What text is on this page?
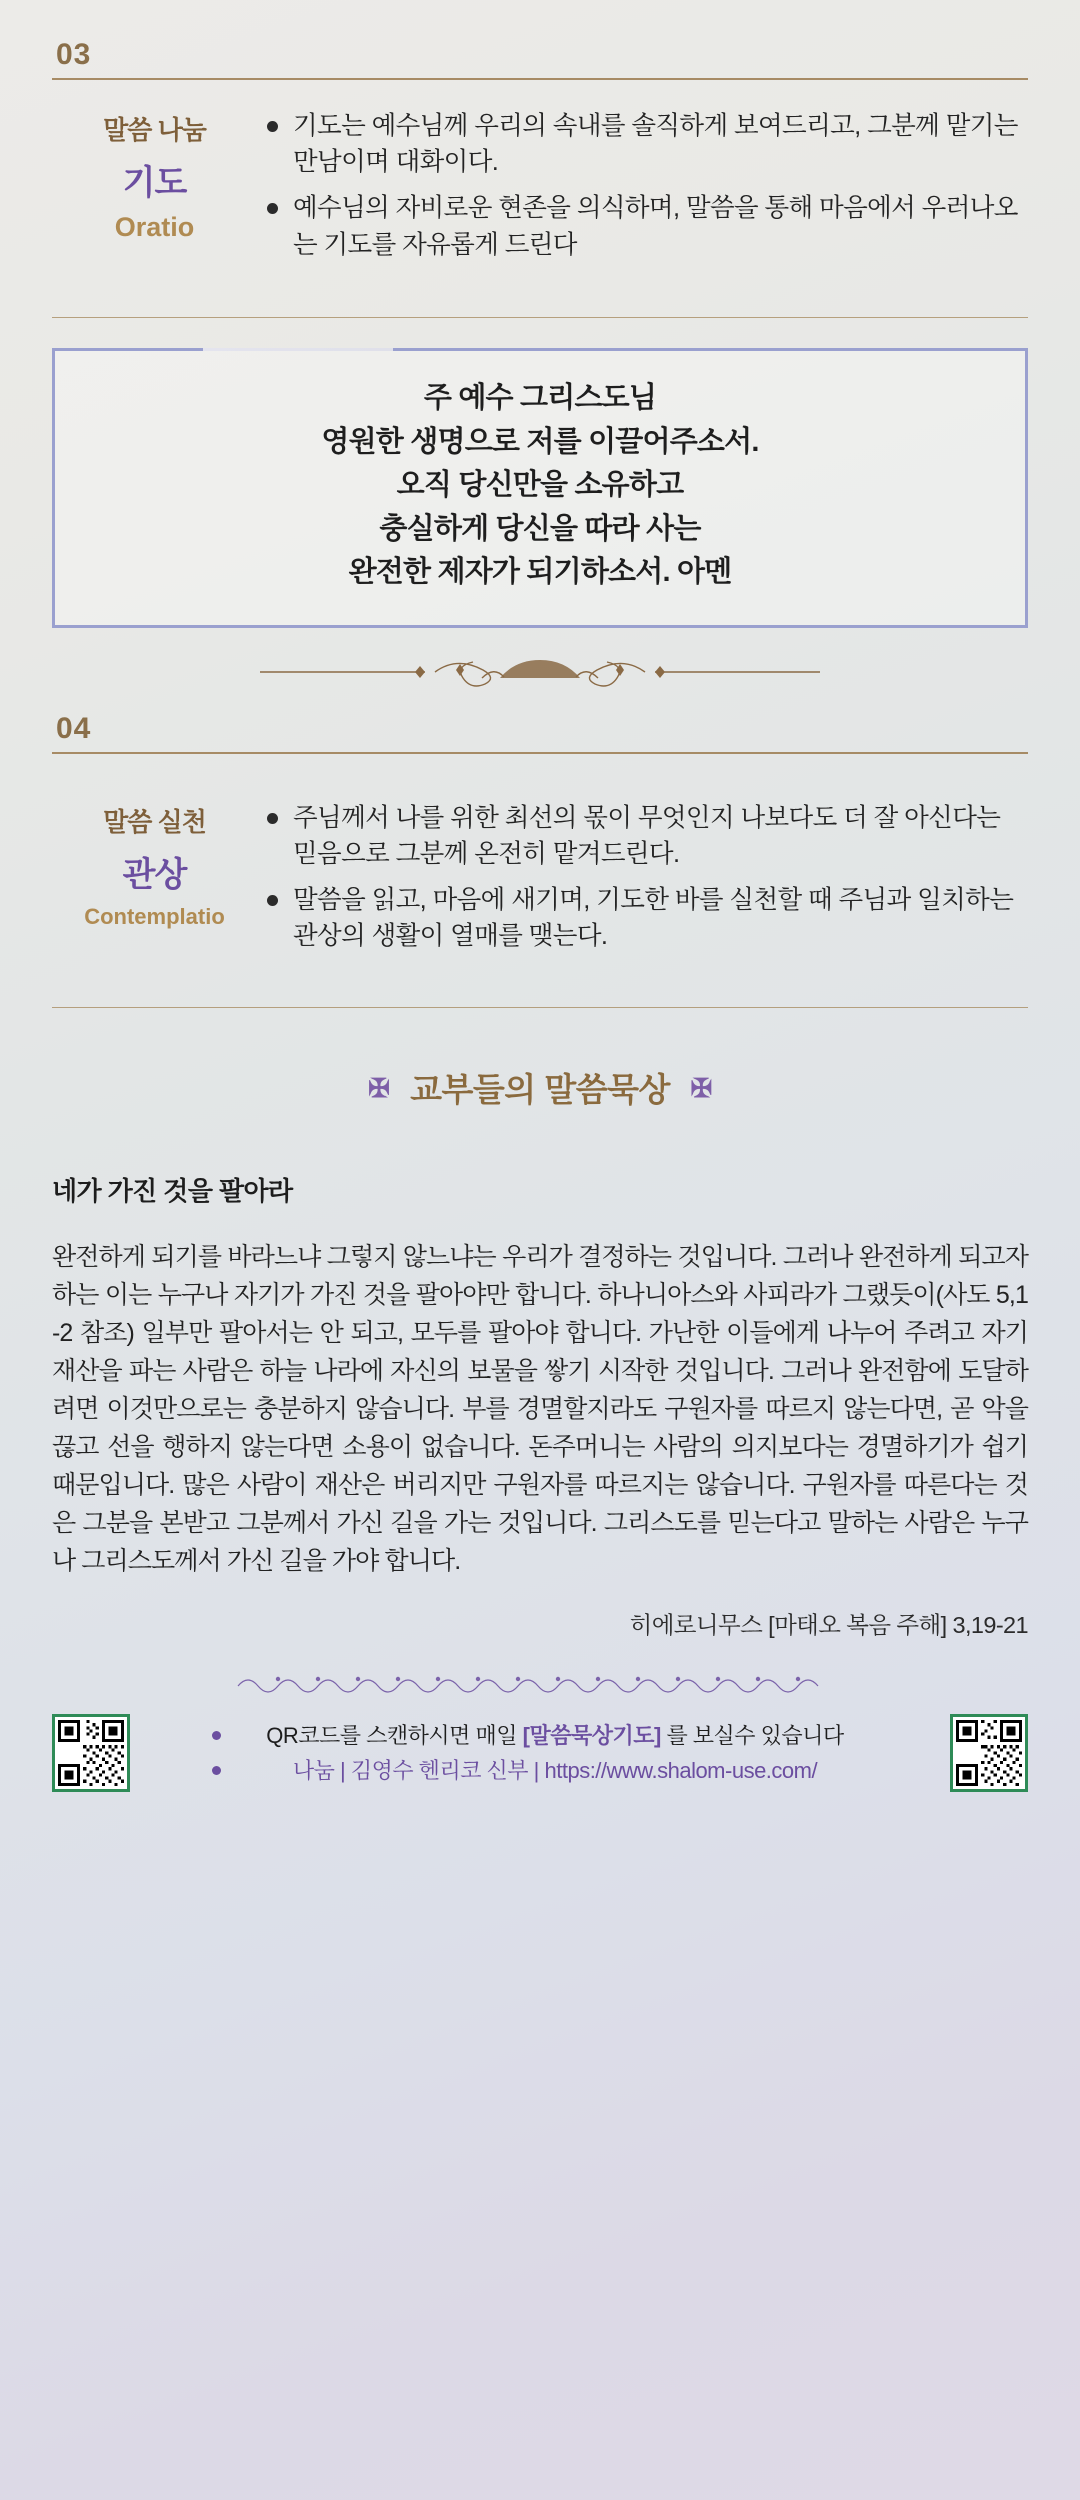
03
말씀 나눔
기도
Oratio
기도는 예수님께 우리의 속내를 솔직하게 보여드리고, 그분께 맡기는 만남이며 대화이다.
예수님의 자비로운 현존을 의식하며, 말씀을 통해 마음에서 우러나오는 기도를 자유롭게 드린다
주 예수 그리스도님
영원한 생명으로 저를 이끌어주소서.
오직 당신만을 소유하고
충실하게 당신을 따라 사는
완전한 제자가 되기하소서. 아멘
04
말씀 실천
관상
Contemplatio
주님께서 나를 위한 최선의 몫이 무엇인지 나보다도 더 잘 아신다는 믿음으로 그분께 온전히 맡겨드린다.
말씀을 읽고, 마음에 새기며, 기도한 바를 실천할 때 주님과 일치하는 관상의 생활이 열매를 맺는다.
✠ 교부들의 말씀묵상 ✠
네가 가진 것을 팔아라
완전하게 되기를 바라느냐 그렇지 않느냐는 우리가 결정하는 것입니다. 그러나 완전하게 되고자 하는 이는 누구나 자기가 가진 것을 팔아야만 합니다. 하나니아스와 사피라가 그랬듯이(사도 5,1-2 참조) 일부만 팔아서는 안 되고, 모두를 팔아야 합니다. 가난한 이들에게 나누어 주려고 자기 재산을 파는 사람은 하늘 나라에 자신의 보물을 쌓기 시작한 것입니다. 그러나 완전함에 도달하려면 이것만으로는 충분하지 않습니다. 부를 경멸할지라도 구원자를 따르지 않는다면, 곧 악을 끊고 선을 행하지 않는다면 소용이 없습니다. 돈주머니는 사람의 의지보다는 경멸하기가 쉽기 때문입니다. 많은 사람이 재산은 버리지만 구원자를 따르지는 않습니다. 구원자를 따른다는 것은 그분을 본받고 그분께서 가신 길을 가는 것입니다. 그리스도를 믿는다고 말하는 사람은 누구나 그리스도께서 가신 길을 가야 합니다.
히에로니무스 [마태오 복음 주해] 3,19-21
QR코드를 스캔하시면 매일 [말씀묵상기도] 를 보실수 있습니다
나눔 | 김영수 헨리코 신부 | https://www.shalom-use.com/
